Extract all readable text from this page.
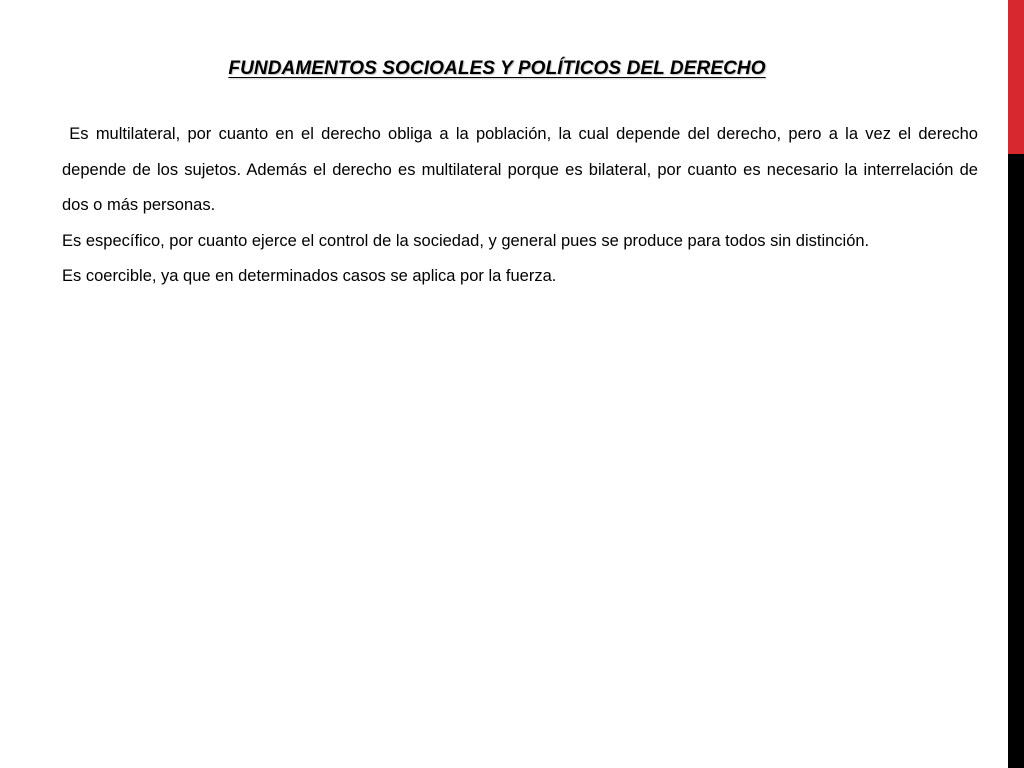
FUNDAMENTOS SOCIOALES Y POLÍTICOS DEL DERECHO

Es multilateral, por cuanto en el derecho obliga a la población, la cual depende del derecho, pero a la vez el derecho depende de los sujetos. Además el derecho es multilateral porque es bilateral, por cuanto es necesario la interrelación de dos o más personas.

Es específico, por cuanto ejerce el control de la sociedad, y general pues se produce para todos sin distinción.

Es coercible, ya que en determinados casos se aplica por la fuerza.
